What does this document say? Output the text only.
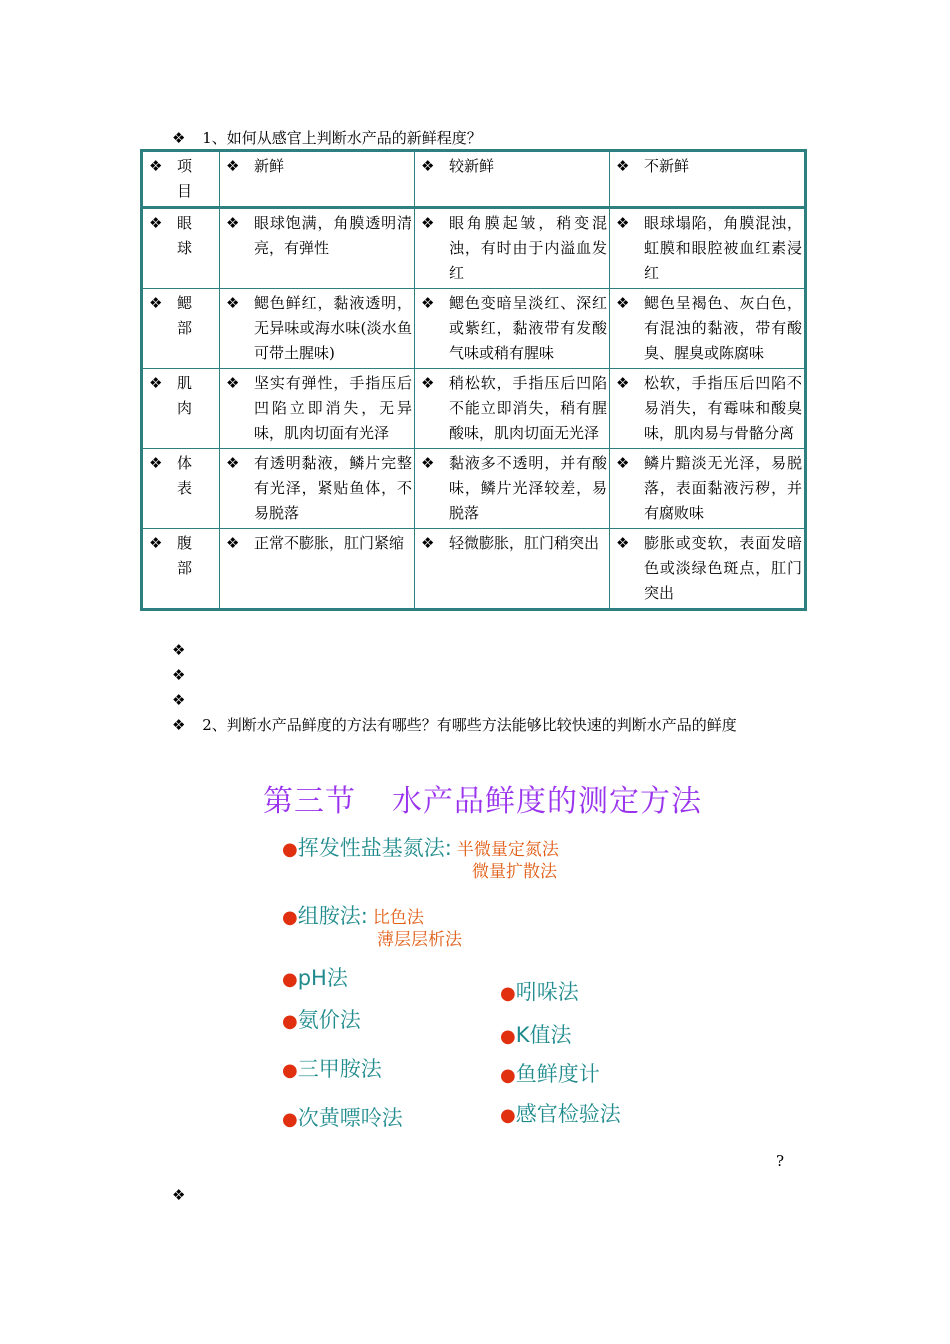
❖ 1、如何从感官上判断水产品的新鲜程度？
❖ 项目	❖ 新鲜	❖ 较新鲜	❖ 不新鲜

❖ 眼球	❖ 眼球饱满，角膜透明清亮，有弹性	❖ 眼角膜起皱，稍变混浊，有时由于内溢血发红	❖ 眼球塌陷，角膜混浊，虹膜和眼腔被血红素浸红

❖ 鳃部	❖ 鳃色鲜红，黏液透明，无异味或海水味(淡水鱼可带土腥味)	❖ 鳃色变暗呈淡红、深红或紫红，黏液带有发酸气味或稍有腥味	❖ 鳃色呈褐色、灰白色，有混浊的黏液，带有酸臭、腥臭或陈腐味

❖ 肌肉	❖ 坚实有弹性，手指压后凹陷立即消失，无异味，肌肉切面有光泽	❖ 稍松软，手指压后凹陷不能立即消失，稍有腥酸味，肌肉切面无光泽	❖ 松软，手指压后凹陷不易消失，有霉味和酸臭味，肌肉易与骨骼分离

❖ 体表	❖ 有透明黏液，鳞片完整有光泽，紧贴鱼体，不易脱落	❖ 黏液多不透明，并有酸味，鳞片光泽较差，易脱落	❖ 鳞片黯淡无光泽，易脱落，表面黏液污秽，并有腐败味

❖ 腹部	❖ 正常不膨胀，肛门紧缩	❖ 轻微膨胀，肛门稍突出	❖ 膨胀或变软，表面发暗色或淡绿色斑点，肛门突出
❖
❖
❖
❖ 2、判断水产品鲜度的方法有哪些？有哪些方法能够比较快速的判断水产品的鲜度
第三节 水产品鲜度的测定方法
●挥发性盐基氮法: 半微量定氮法
微量扩散法
●组胺法: 比色法
薄层层析法
●pH法
●吲哚法
●氨价法
●K值法
●三甲胺法	●鱼鲜度计
●次黄嘌呤法	●感官检验法
?
❖
